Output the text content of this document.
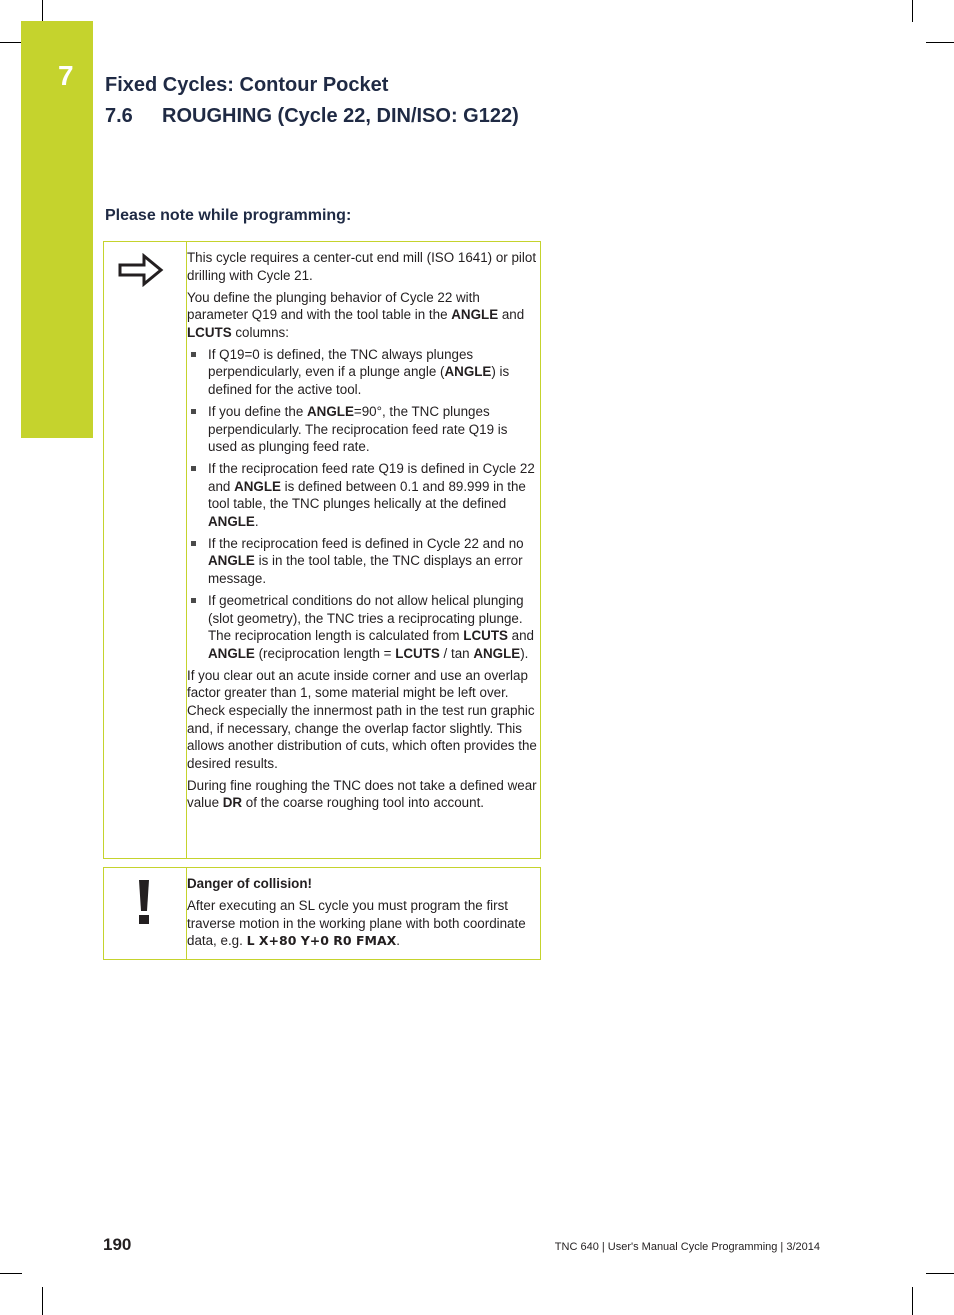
7 Fixed Cycles: Contour Pocket
7.6 ROUGHING (Cycle 22, DIN/ISO: G122)
Please note while programming:

This cycle requires a center-cut end mill (ISO 1641) or pilot drilling with Cycle 21.

You define the plunging behavior of Cycle 22 with parameter Q19 and with the tool table in the ANGLE and LCUTS columns:

If Q19=0 is defined, the TNC always plunges perpendicularly, even if a plunge angle (ANGLE) is defined for the active tool.
If you define the ANGLE=90°, the TNC plunges perpendicularly. The reciprocation feed rate Q19 is used as plunging feed rate.
If the reciprocation feed rate Q19 is defined in Cycle 22 and ANGLE is defined between 0.1 and 89.999 in the tool table, the TNC plunges helically at the defined ANGLE.
If the reciprocation feed is defined in Cycle 22 and no ANGLE is in the tool table, the TNC displays an error message.
If geometrical conditions do not allow helical plunging (slot geometry), the TNC tries a reciprocating plunge. The reciprocation length is calculated from LCUTS and ANGLE (reciprocation length = LCUTS / tan ANGLE).

If you clear out an acute inside corner and use an overlap factor greater than 1, some material might be left over. Check especially the innermost path in the test run graphic and, if necessary, change the overlap factor slightly. This allows another distribution of cuts, which often provides the desired results.

During fine roughing the TNC does not take a defined wear value DR of the coarse roughing tool into account.

Danger of collision!

After executing an SL cycle you must program the first traverse motion in the working plane with both coordinate data, e.g. L X+80 Y+0 R0 FMAX.

190	TNC 640 | User's Manual Cycle Programming | 3/2014
